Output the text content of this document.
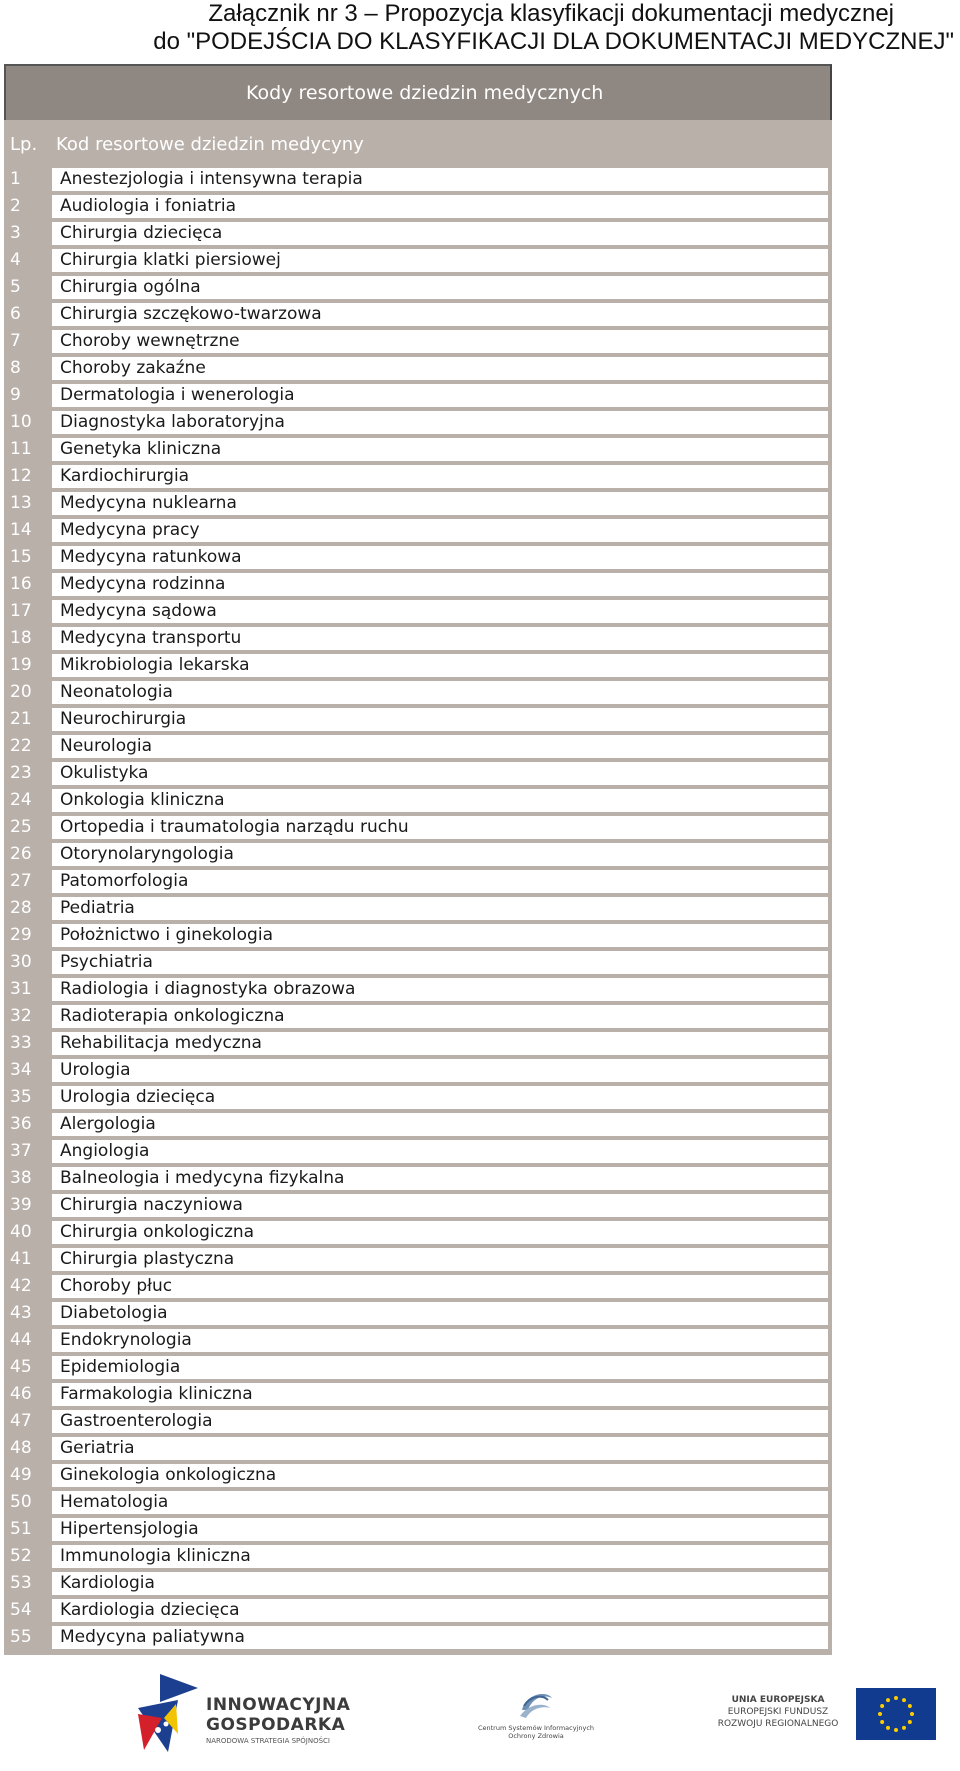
Załącznik nr 3 – Propozycja klasyfikacji dokumentacji medycznej
do "PODEJŚCIA DO KLASYFIKACJI DLA DOKUMENTACJI MEDYCZNEJ"
Kody resortowe dziedzin medycznych
Lp. Kod resortowe dziedzin medycyny
1	Anestezjologia i intensywna terapia
2	Audiologia i foniatria
3	Chirurgia dziecięca
4	Chirurgia klatki piersiowej
5	Chirurgia ogólna
6	Chirurgia szczękowo-twarzowa
7	Choroby wewnętrzne
8	Choroby zakaźne
9	Dermatologia i wenerologia
10	Diagnostyka laboratoryjna
11	Genetyka kliniczna
12	Kardiochirurgia
13	Medycyna nuklearna
14	Medycyna pracy
15	Medycyna ratunkowa
16	Medycyna rodzinna
17	Medycyna sądowa
18	Medycyna transportu
19	Mikrobiologia lekarska
20	Neonatologia
21	Neurochirurgia
22	Neurologia
23	Okulistyka
24	Onkologia kliniczna
25	Ortopedia i traumatologia narządu ruchu
26	Otorynolaryngologia
27	Patomorfologia
28	Pediatria
29	Położnictwo i ginekologia
30	Psychiatria
31	Radiologia i diagnostyka obrazowa
32	Radioterapia onkologiczna
33	Rehabilitacja medyczna
34	Urologia
35	Urologia dziecięca
36	Alergologia
37	Angiologia
38	Balneologia i medycyna fizykalna
39	Chirurgia naczyniowa
40	Chirurgia onkologiczna
41	Chirurgia plastyczna
42	Choroby płuc
43	Diabetologia
44	Endokrynologia
45	Epidemiologia
46	Farmakologia kliniczna
47	Gastroenterologia
48	Geriatria
49	Ginekologia onkologiczna
50	Hematologia
51	Hipertensjologia
52	Immunologia kliniczna
53	Kardiologia
54	Kardiologia dziecięca
55	Medycyna paliatywna
INNOWACYJNA
GOSPODARKA
NARODOWA STRATEGIA SPÓJNOŚCI
Centrum Systemów Informacyjnych
Ochrony Zdrowia
UNIA EUROPEJSKA
EUROPEJSKI FUNDUSZ
ROZWOJU REGIONALNEGO
